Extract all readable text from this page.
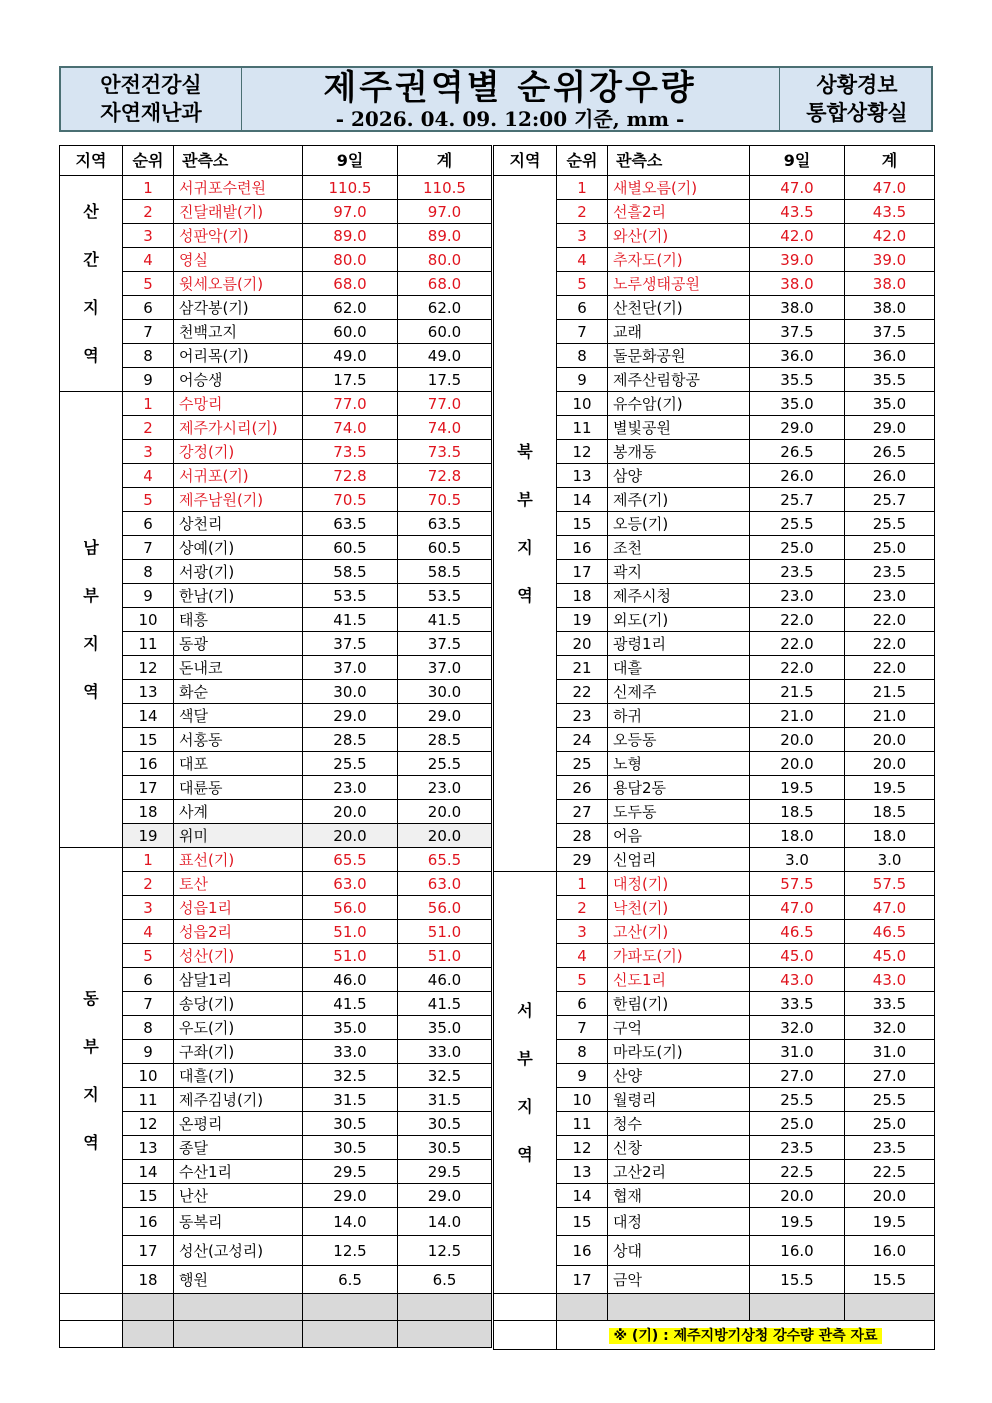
안전건강실
자연재난과
제주권역별 순위강우량
- 2026. 04. 09. 12:00 기준, mm -
상황경보
통합상황실
지역	순위	관측소	9일	계

산
간
지
역	1	서귀포수련원	110.5	110.5
	2	진달래밭(기)	97.0	97.0
	3	성판악(기)	89.0	89.0
	4	영실	80.0	80.0
	5	윗세오름(기)	68.0	68.0
	6	삼각봉(기)	62.0	62.0
	7	천백고지	60.0	60.0
	8	어리목(기)	49.0	49.0
	9	어승생	17.5	17.5

남
부
지
역	1	수망리	77.0	77.0
	2	제주가시리(기)	74.0	74.0
	3	강정(기)	73.5	73.5
	4	서귀포(기)	72.8	72.8
	5	제주남원(기)	70.5	70.5
	6	상천리	63.5	63.5
	7	상예(기)	60.5	60.5
	8	서광(기)	58.5	58.5
	9	한남(기)	53.5	53.5
	10	태흥	41.5	41.5
	11	동광	37.5	37.5
	12	돈내코	37.0	37.0
	13	화순	30.0	30.0
	14	색달	29.0	29.0
	15	서홍동	28.5	28.5
	16	대포	25.5	25.5
	17	대륜동	23.0	23.0
	18	사계	20.0	20.0
	19	위미	20.0	20.0

동
부
지
역	1	표선(기)	65.5	65.5
	2	토산	63.0	63.0
	3	성읍1리	56.0	56.0
	4	성읍2리	51.0	51.0
	5	성산(기)	51.0	51.0
	6	삼달1리	46.0	46.0
	7	송당(기)	41.5	41.5
	8	우도(기)	35.0	35.0
	9	구좌(기)	33.0	33.0
	10	대흘(기)	32.5	32.5
	11	제주김녕(기)	31.5	31.5
	12	온평리	30.5	30.5
	13	종달	30.5	30.5
	14	수산1리	29.5	29.5
	15	난산	29.0	29.0
	16	동복리	14.0	14.0
	17	성산(고성리)	12.5	12.5
	18	행원	6.5	6.5

지역	순위	관측소	9일	계

북
부
지
역	1	새별오름(기)	47.0	47.0
	2	선흘2리	43.5	43.5
	3	와산(기)	42.0	42.0
	4	추자도(기)	39.0	39.0
	5	노루생태공원	38.0	38.0
	6	산천단(기)	38.0	38.0
	7	교래	37.5	37.5
	8	돌문화공원	36.0	36.0
	9	제주산림항공	35.5	35.5
	10	유수암(기)	35.0	35.0
	11	별빛공원	29.0	29.0
	12	봉개동	26.5	26.5
	13	삼양	26.0	26.0
	14	제주(기)	25.7	25.7
	15	오등(기)	25.5	25.5
	16	조천	25.0	25.0
	17	곽지	23.5	23.5
	18	제주시청	23.0	23.0
	19	외도(기)	22.0	22.0
	20	광령1리	22.0	22.0
	21	대흘	22.0	22.0
	22	신제주	21.5	21.5
	23	하귀	21.0	21.0
	24	오등동	20.0	20.0
	25	노형	20.0	20.0
	26	용담2동	19.5	19.5
	27	도두동	18.5	18.5
	28	어음	18.0	18.0
	29	신엄리	3.0	3.0

서
부
지
역	1	대정(기)	57.5	57.5
	2	낙천(기)	47.0	47.0
	3	고산(기)	46.5	46.5
	4	가파도(기)	45.0	45.0
	5	신도1리	43.0	43.0
	6	한림(기)	33.5	33.5
	7	구억	32.0	32.0
	8	마라도(기)	31.0	31.0
	9	산양	27.0	27.0
	10	월령리	25.5	25.5
	11	청수	25.0	25.0
	12	신창	23.5	23.5
	13	고산2리	22.5	22.5
	14	협재	20.0	20.0
	15	대정	19.5	19.5
	16	상대	16.0	16.0
	17	금악	15.5	15.5

	※ (기) : 제주지방기상청 강수량 관측 자료			
